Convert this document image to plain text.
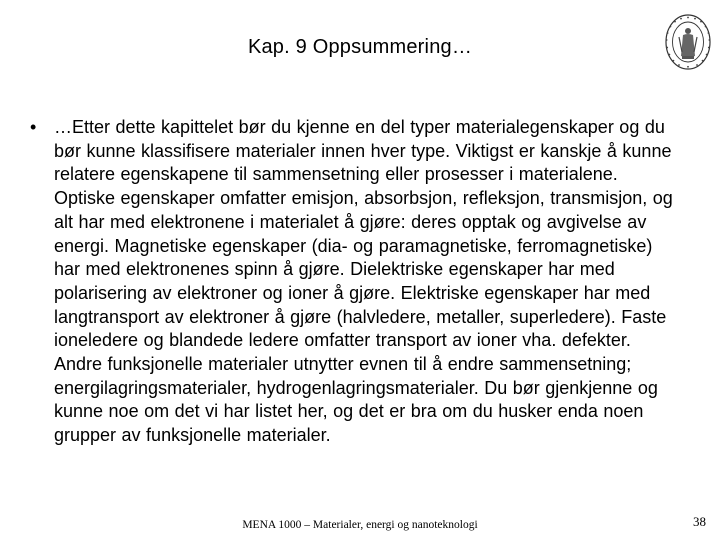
Kap. 9 Oppsummering…
• …Etter dette kapittelet bør du kjenne en del typer materialegenskaper og du bør kunne klassifisere materialer innen hver type. Viktigst er kanskje å kunne relatere egenskapene til sammensetning eller prosesser i materialene. Optiske egenskaper omfatter emisjon, absorbsjon, refleksjon, transmisjon, og alt har med elektronene i materialet å gjøre: deres opptak og avgivelse av energi. Magnetiske egenskaper (dia- og paramagnetiske, ferromagnetiske) har med elektronenes spinn å gjøre. Dielektriske egenskaper har med polarisering av elektroner og ioner å gjøre. Elektriske egenskaper har med langtransport av elektroner å gjøre (halvledere, metaller, superledere). Faste ioneledere og blandede ledere omfatter transport av ioner vha. defekter. Andre funksjonelle materialer utnytter evnen til å endre sammensetning; energilagringsmaterialer, hydrogenlagringsmaterialer. Du bør gjenkjenne og kunne noe om det vi har listet her, og det er bra om du husker enda noen grupper av funksjonelle materialer.
MENA 1000 – Materialer, energi og nanoteknologi	38
